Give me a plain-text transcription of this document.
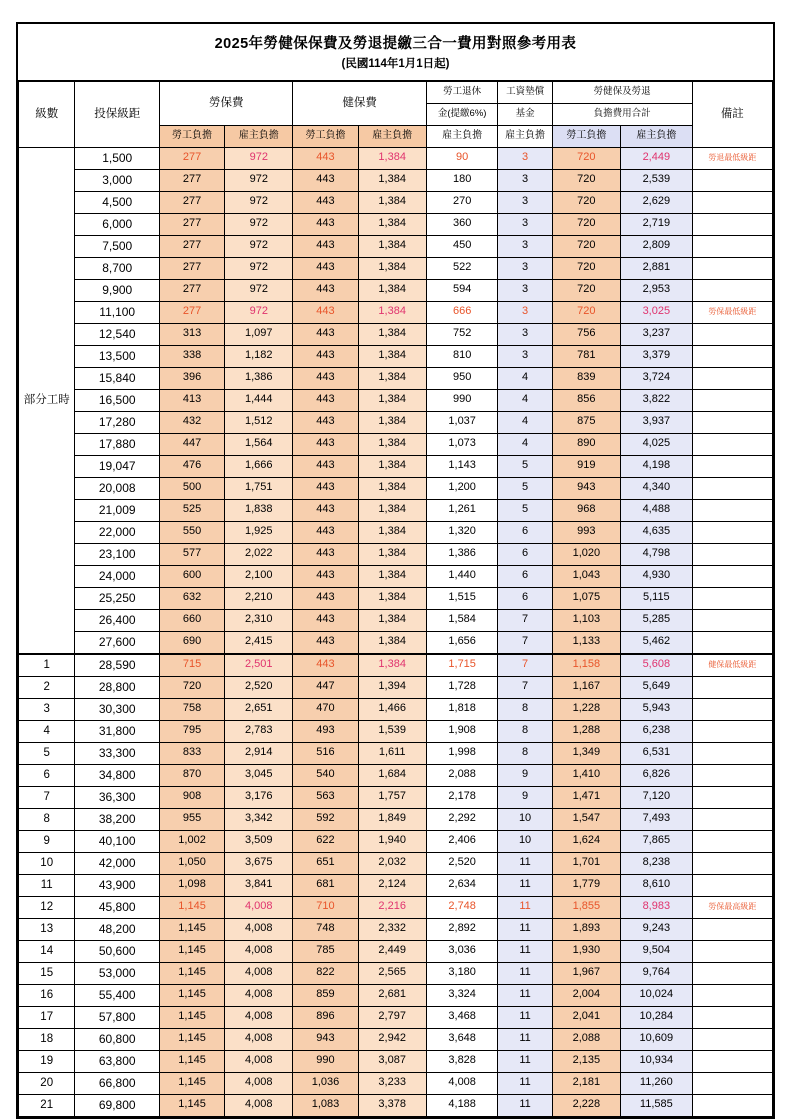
2025年勞健保保費及勞退提繳三合一費用對照參考用表
(民國114年1月1日起)
級數	投保級距	勞保費		健保費		勞工退休	工資墊償	勞健保及勞退		備註
						金(提繳6%)	基金	負擔費用合計		
		勞工負擔	雇主負擔	勞工負擔	雇主負擔	雇主負擔	雇主負擔	勞工負擔	雇主負擔	
部分工時	1,500	277	972	443	1,384	90	3	720	2,449	勞退最低級距
	3,000	277	972	443	1,384	180	3	720	2,539	
	4,500	277	972	443	1,384	270	3	720	2,629	
	6,000	277	972	443	1,384	360	3	720	2,719	
	7,500	277	972	443	1,384	450	3	720	2,809	
	8,700	277	972	443	1,384	522	3	720	2,881	
	9,900	277	972	443	1,384	594	3	720	2,953	
	11,100	277	972	443	1,384	666	3	720	3,025	勞保最低級距
	12,540	313	1,097	443	1,384	752	3	756	3,237	
	13,500	338	1,182	443	1,384	810	3	781	3,379	
	15,840	396	1,386	443	1,384	950	4	839	3,724	
	16,500	413	1,444	443	1,384	990	4	856	3,822	
	17,280	432	1,512	443	1,384	1,037	4	875	3,937	
	17,880	447	1,564	443	1,384	1,073	4	890	4,025	
	19,047	476	1,666	443	1,384	1,143	5	919	4,198	
	20,008	500	1,751	443	1,384	1,200	5	943	4,340	
	21,009	525	1,838	443	1,384	1,261	5	968	4,488	
	22,000	550	1,925	443	1,384	1,320	6	993	4,635	
	23,100	577	2,022	443	1,384	1,386	6	1,020	4,798	
	24,000	600	2,100	443	1,384	1,440	6	1,043	4,930	
	25,250	632	2,210	443	1,384	1,515	6	1,075	5,115	
	26,400	660	2,310	443	1,384	1,584	7	1,103	5,285	
	27,600	690	2,415	443	1,384	1,656	7	1,133	5,462	
1	28,590	715	2,501	443	1,384	1,715	7	1,158	5,608	健保最低級距
2	28,800	720	2,520	447	1,394	1,728	7	1,167	5,649	
3	30,300	758	2,651	470	1,466	1,818	8	1,228	5,943	
4	31,800	795	2,783	493	1,539	1,908	8	1,288	6,238	
5	33,300	833	2,914	516	1,611	1,998	8	1,349	6,531	
6	34,800	870	3,045	540	1,684	2,088	9	1,410	6,826	
7	36,300	908	3,176	563	1,757	2,178	9	1,471	7,120	
8	38,200	955	3,342	592	1,849	2,292	10	1,547	7,493	
9	40,100	1,002	3,509	622	1,940	2,406	10	1,624	7,865	
10	42,000	1,050	3,675	651	2,032	2,520	11	1,701	8,238	
11	43,900	1,098	3,841	681	2,124	2,634	11	1,779	8,610	
12	45,800	1,145	4,008	710	2,216	2,748	11	1,855	8,983	勞保最高級距
13	48,200	1,145	4,008	748	2,332	2,892	11	1,893	9,243	
14	50,600	1,145	4,008	785	2,449	3,036	11	1,930	9,504	
15	53,000	1,145	4,008	822	2,565	3,180	11	1,967	9,764	
16	55,400	1,145	4,008	859	2,681	3,324	11	2,004	10,024	
17	57,800	1,145	4,008	896	2,797	3,468	11	2,041	10,284	
18	60,800	1,145	4,008	943	2,942	3,648	11	2,088	10,609	
19	63,800	1,145	4,008	990	3,087	3,828	11	2,135	10,934	
20	66,800	1,145	4,008	1,036	3,233	4,008	11	2,181	11,260	
21	69,800	1,145	4,008	1,083	3,378	4,188	11	2,228	11,585	
